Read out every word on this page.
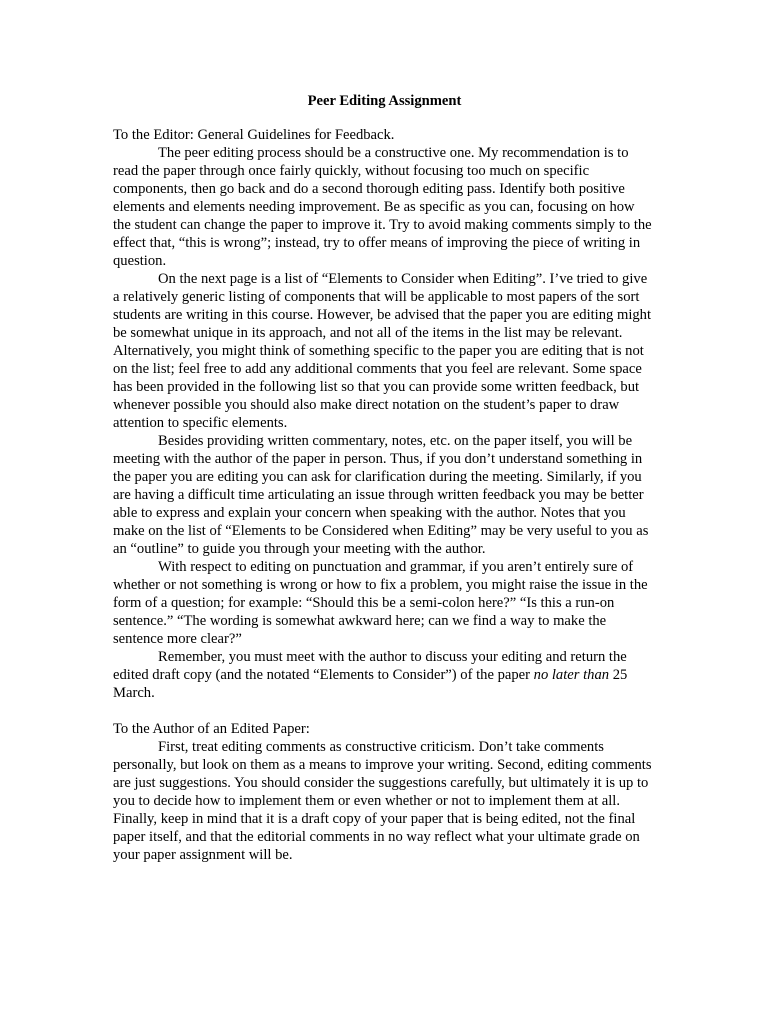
Peer Editing Assignment

To the Editor: General Guidelines for Feedback.

The peer editing process should be a constructive one. My recommendation is to read the paper through once fairly quickly, without focusing too much on specific components, then go back and do a second thorough editing pass. Identify both positive elements and elements needing improvement. Be as specific as you can, focusing on how the student can change the paper to improve it. Try to avoid making comments simply to the effect that, “this is wrong”; instead, try to offer means of improving the piece of writing in question.

On the next page is a list of “Elements to Consider when Editing”. I’ve tried to give a relatively generic listing of components that will be applicable to most papers of the sort students are writing in this course. However, be advised that the paper you are editing might be somewhat unique in its approach, and not all of the items in the list may be relevant. Alternatively, you might think of something specific to the paper you are editing that is not on the list; feel free to add any additional comments that you feel are relevant. Some space has been provided in the following list so that you can provide some written feedback, but whenever possible you should also make direct notation on the student’s paper to draw attention to specific elements.

Besides providing written commentary, notes, etc. on the paper itself, you will be meeting with the author of the paper in person. Thus, if you don’t understand something in the paper you are editing you can ask for clarification during the meeting. Similarly, if you are having a difficult time articulating an issue through written feedback you may be better able to express and explain your concern when speaking with the author. Notes that you make on the list of “Elements to be Considered when Editing” may be very useful to you as an “outline” to guide you through your meeting with the author.

With respect to editing on punctuation and grammar, if you aren’t entirely sure of whether or not something is wrong or how to fix a problem, you might raise the issue in the form of a question; for example: “Should this be a semi-colon here?” “Is this a run-on sentence.” “The wording is somewhat awkward here; can we find a way to make the sentence more clear?”

Remember, you must meet with the author to discuss your editing and return the edited draft copy (and the notated “Elements to Consider”) of the paper no later than 25 March.

To the Author of an Edited Paper:

First, treat editing comments as constructive criticism. Don’t take comments personally, but look on them as a means to improve your writing. Second, editing comments are just suggestions. You should consider the suggestions carefully, but ultimately it is up to you to decide how to implement them or even whether or not to implement them at all. Finally, keep in mind that it is a draft copy of your paper that is being edited, not the final paper itself, and that the editorial comments in no way reflect what your ultimate grade on your paper assignment will be.
